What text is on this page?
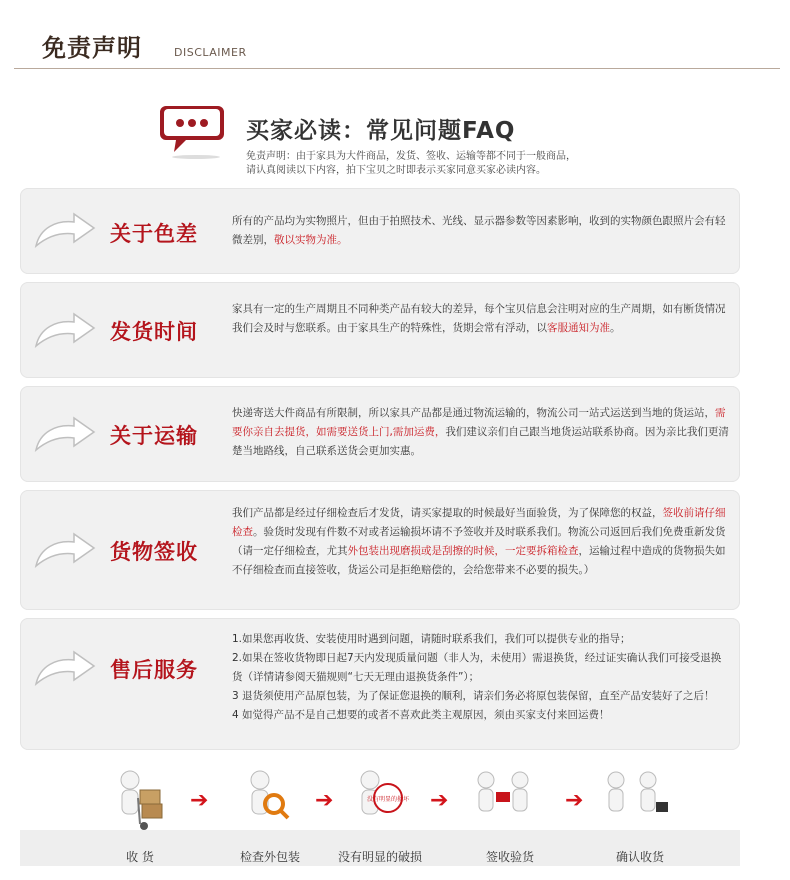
免责声明	DISCLAIMER
买家必读：常见问题FAQ
免责声明：由于家具为大件商品，发货、签收、运输等都不同于一般商品，
请认真阅读以下内容，拍下宝贝之时即表示买家同意买家必读内容。
关于色差
所有的产品均为实物照片，但由于拍照技术、光线、显示器参数等因素影响，收到的实物颜色跟照片会有轻微差别，敬以实物为准。
发货时间
家具有一定的生产周期且不同种类产品有较大的差异，每个宝贝信息会注明对应的生产周期，如有断货情况我们会及时与您联系。由于家具生产的特殊性，货期会常有浮动，以客服通知为准。
关于运输
快递寄送大件商品有所限制，所以家具产品都是通过物流运输的，物流公司一站式运送到当地的货运站，需要你亲自去提货，如需要送货上门,需加运费，我们建议亲们自己跟当地货运站联系协商。因为亲比我们更清楚当地路线，自己联系送货会更加实惠。
货物签收
我们产品都是经过仔细检查后才发货，请买家提取的时候最好当面验货，为了保障您的权益，签收前请仔细检查。验货时发现有件数不对或者运输损坏请不予签收并及时联系我们。物流公司返回后我们免费重新发货（请一定仔细检查，尤其外包装出现磨损或是刮擦的时候，一定要拆箱检查，运输过程中造成的货物损失如不仔细检查而直接签收，货运公司是拒绝赔偿的，会给您带来不必要的损失。）
售后服务
1.如果您再收货、安装使用时遇到问题，请随时联系我们，我们可以提供专业的指导；
2.如果在签收货物即日起7天内发现质量问题（非人为，未使用）需退换货，经过证实确认我们可接受退换货（详情请参阅天猫规则“七天无理由退换货条件”）；
3 退货须使用产品原包装，为了保证您退换的顺利，请亲们务必将原包装保留，直至产品安装好了之后！
4 如觉得产品不是自己想要的或者不喜欢此类主观原因，须由买家支付来回运费！
收 货
➔
检查外包装
➔	没有明显的损坏
没有明显的破损
➔
签收验货
➔
确认收货
